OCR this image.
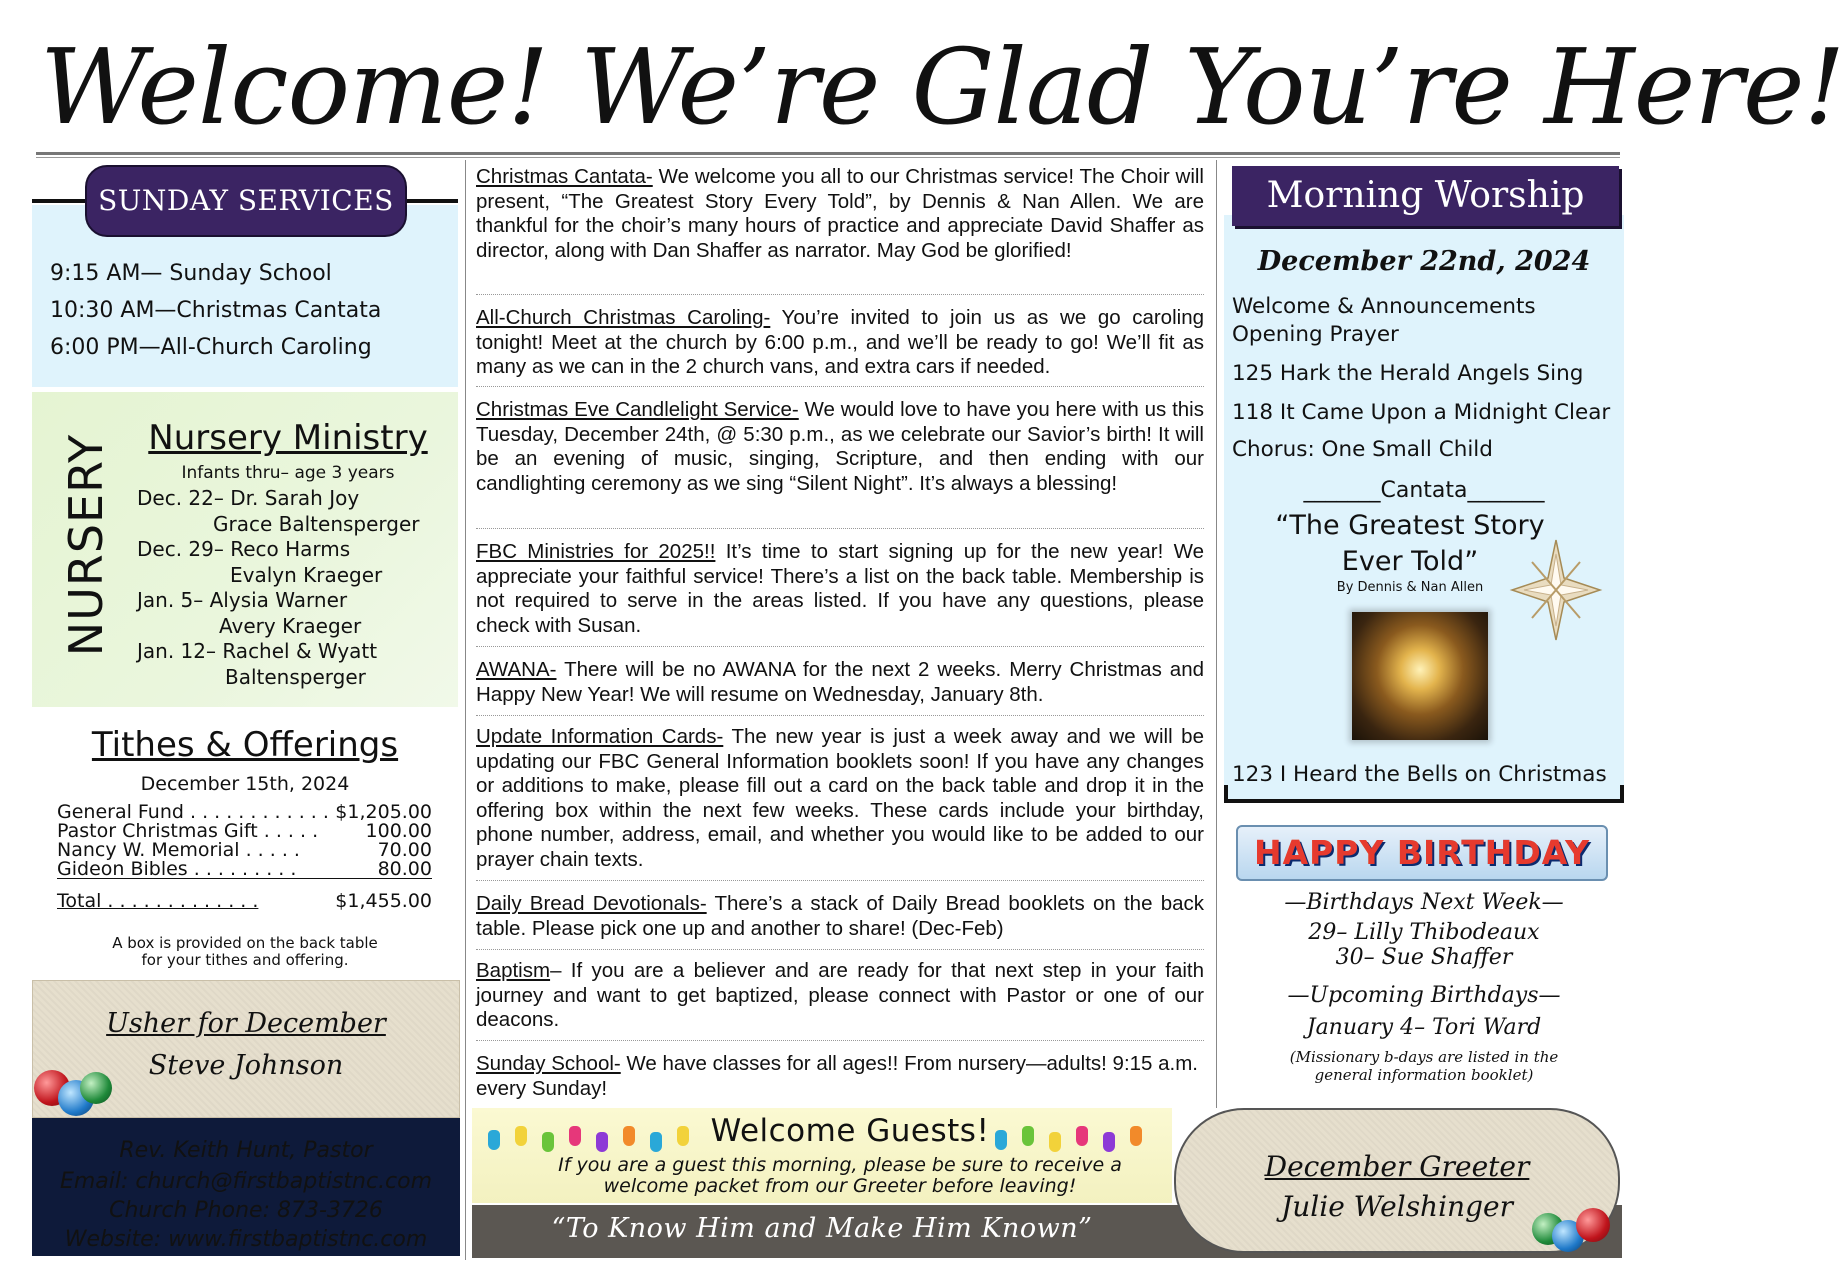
Welcome! We’re Glad You’re Here!
SUNDAY SERVICES
9:15 AM— Sunday School
10:30 AM—Christmas Cantata
6:00 PM—All-Church Caroling
NURSERY	Nursery Ministry
Infants thru– age 3 years
Dec. 22– Dr. Sarah Joy
Grace Baltensperger
Dec. 29– Reco Harms
Evalyn Kraeger
Jan. 5– Alysia Warner
Avery Kraeger
Jan. 12– Rachel & Wyatt
Baltensperger
Tithes & Offerings
December 15th, 2024
General Fund . . . . . . . . . . . . $1,205.00
Pastor Christmas Gift . . . . . 100.00
Nancy W. Memorial . . . . .	70.00
Gideon Bibles . . . . . . . . .	80.00
Total . . . . . . . . . . . . .	$1,455.00
A box is provided on the back table
for your tithes and offering.
Usher for December
Steve Johnson
Rev. Keith Hunt, Pastor
Email: church@firstbaptistnc.com
Church Phone: 873-3726
Website: www.firstbaptistnc.com
Christmas Cantata- We welcome you all to our Christmas service! The Choir will present, “The Greatest Story Every Told”, by Dennis & Nan Allen. We are thankful for the choir’s many hours of practice and appreciate David Shaffer as director, along with Dan Shaffer as narrator. May God be glorified!
All-Church Christmas Caroling- You’re invited to join us as we go caroling tonight! Meet at the church by 6:00 p.m., and we’ll be ready to go! We’ll fit as many as we can in the 2 church vans, and extra cars if needed.
Christmas Eve Candlelight Service- We would love to have you here with us this Tuesday, December 24th, @ 5:30 p.m., as we celebrate our Savior’s birth! It will be an evening of music, singing, Scripture, and then ending with our candlighting ceremony as we sing “Silent Night”. It’s always a blessing!
FBC Ministries for 2025!! It’s time to start signing up for the new year! We appreciate your faithful service! There’s a list on the back table. Membership is not required to serve in the areas listed. If you have any questions, please check with Susan.
AWANA- There will be no AWANA for the next 2 weeks. Merry Christmas and Happy New Year! We will resume on Wednesday, January 8th.
Update Information Cards- The new year is just a week away and we will be updating our FBC General Information booklets soon! If you have any changes or additions to make, please fill out a card on the back table and drop it in the offering box within the next few weeks. These cards include your birthday, phone number, address, email, and whether you would like to be added to our prayer chain texts.
Daily Bread Devotionals- There’s a stack of Daily Bread booklets on the back table. Please pick one up and another to share! (Dec-Feb)
Baptism– If you are a believer and are ready for that next step in your faith journey and want to get baptized, please connect with Pastor or one of our deacons.
Sunday School- We have classes for all ages!! From nursery—adults! 9:15 a.m. every Sunday!
Welcome Guests!
If you are a guest this morning, please be sure to receive a
welcome packet from our Greeter before leaving!
“To Know Him and Make Him Known”
Morning Worship
December 22nd, 2024
Welcome & Announcements
Opening Prayer
125 Hark the Herald Angels Sing
118 It Came Upon a Midnight Clear
Chorus: One Small Child
_______Cantata_______
“The Greatest Story
Ever Told”
By Dennis & Nan Allen
123 I Heard the Bells on Christmas
HAPPY BIRTHDAY
—Birthdays Next Week—
29– Lilly Thibodeaux
30– Sue Shaffer
—Upcoming Birthdays—
January 4– Tori Ward
(Missionary b-days are listed in the
general information booklet)
December Greeter
Julie Welshinger
